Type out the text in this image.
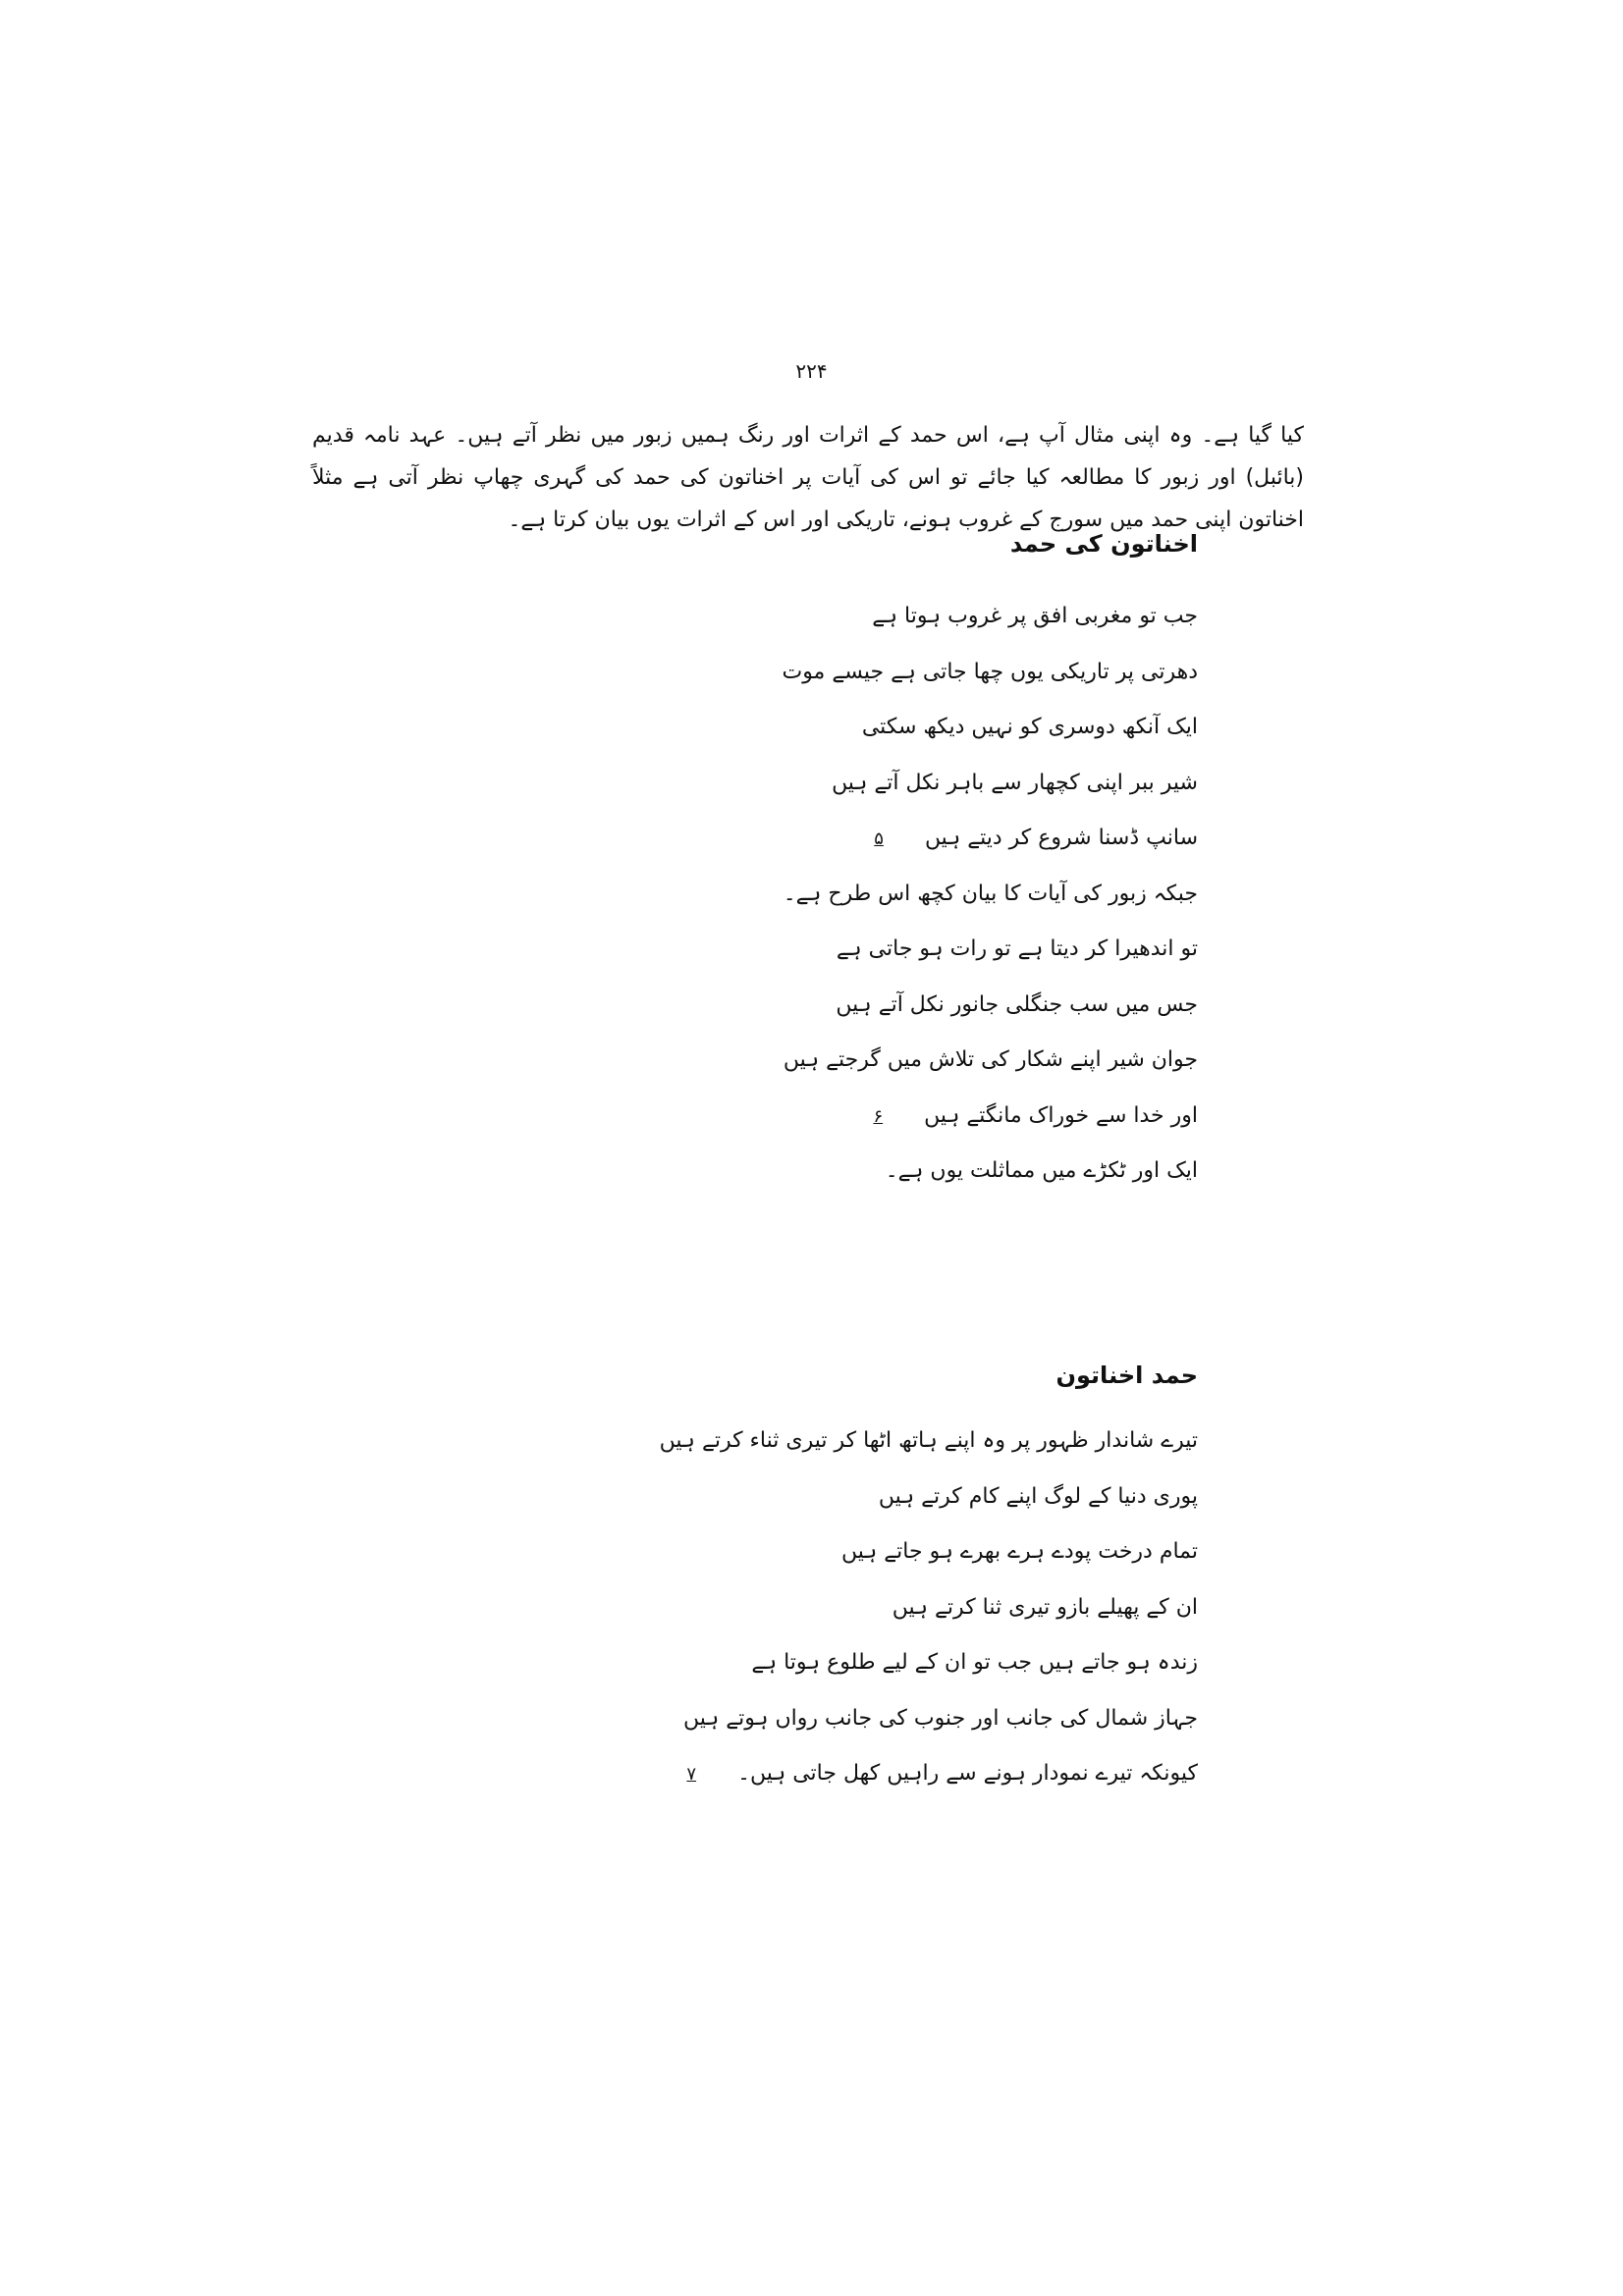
۲۲۴

کیا گیا ہے۔ وہ اپنی مثال آپ ہے، اس حمد کے اثرات اور رنگ ہمیں زبور میں نظر آتے ہیں۔ عہد نامہ قدیم (بائبل) اور زبور کا مطالعہ کیا جائے تو اس کی آیات پر اخناتون کی حمد کی گہری چھاپ نظر آتی ہے مثلاً اخناتون اپنی حمد میں سورج کے غروب ہونے، تاریکی اور اس کے اثرات یوں بیان کرتا ہے۔

اخناتون کی حمد
جب تو مغربی افق پر غروب ہوتا ہے
دھرتی پر تاریکی یوں چھا جاتی ہے جیسے موت
ایک آنکھ دوسری کو نہیں دیکھ سکتی
شیر ببر اپنی کچھار سے باہر نکل آتے ہیں
سانپ ڈسنا شروع کر دیتے ہیں۵
جبکہ زبور کی آیات کا بیان کچھ اس طرح ہے۔
تو اندھیرا کر دیتا ہے تو رات ہو جاتی ہے
جس میں سب جنگلی جانور نکل آتے ہیں
جوان شیر اپنے شکار کی تلاش میں گرجتے ہیں
اور خدا سے خوراک مانگتے ہیں۶
ایک اور ٹکڑے میں مماثلت یوں ہے۔
حمد اخناتون
تیرے شاندار ظہور پر وہ اپنے ہاتھ اٹھا کر تیری ثناء کرتے ہیں
پوری دنیا کے لوگ اپنے کام کرتے ہیں
تمام درخت پودے ہرے بھرے ہو جاتے ہیں
ان کے پھیلے بازو تیری ثنا کرتے ہیں
زندہ ہو جاتے ہیں جب تو ان کے لیے طلوع ہوتا ہے
جہاز شمال کی جانب اور جنوب کی جانب رواں ہوتے ہیں
کیونکہ تیرے نمودار ہونے سے راہیں کھل جاتی ہیں۔۷
